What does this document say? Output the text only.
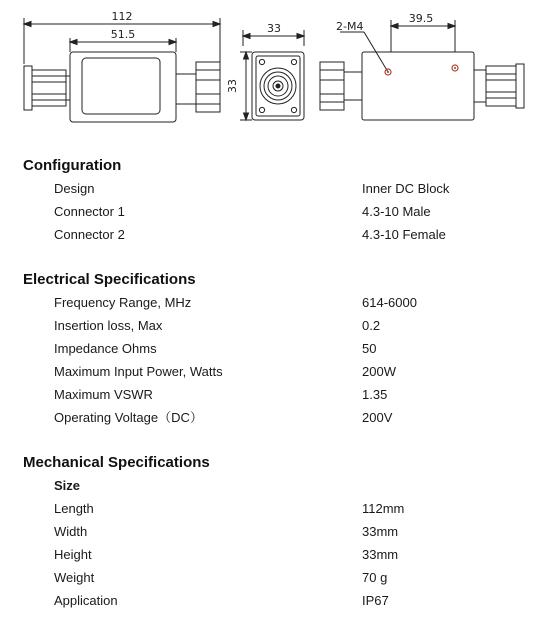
112
51.5	33
33
2-M4
39.5
Configuration
Design	Inner DC Block
Connector 1	4.3-10 Male
Connector 2	4.3-10 Female
Electrical Specifications
Frequency Range, MHz	614-6000
Insertion loss, Max	0.2
Impedance Ohms	50
Maximum Input Power, Watts	200W
Maximum VSWR	1.35
Operating Voltage（DC）	200V
Mechanical Specifications
Size
Length	112mm
Width	33mm
Height	33mm
Weight	70 g
Application	IP67
